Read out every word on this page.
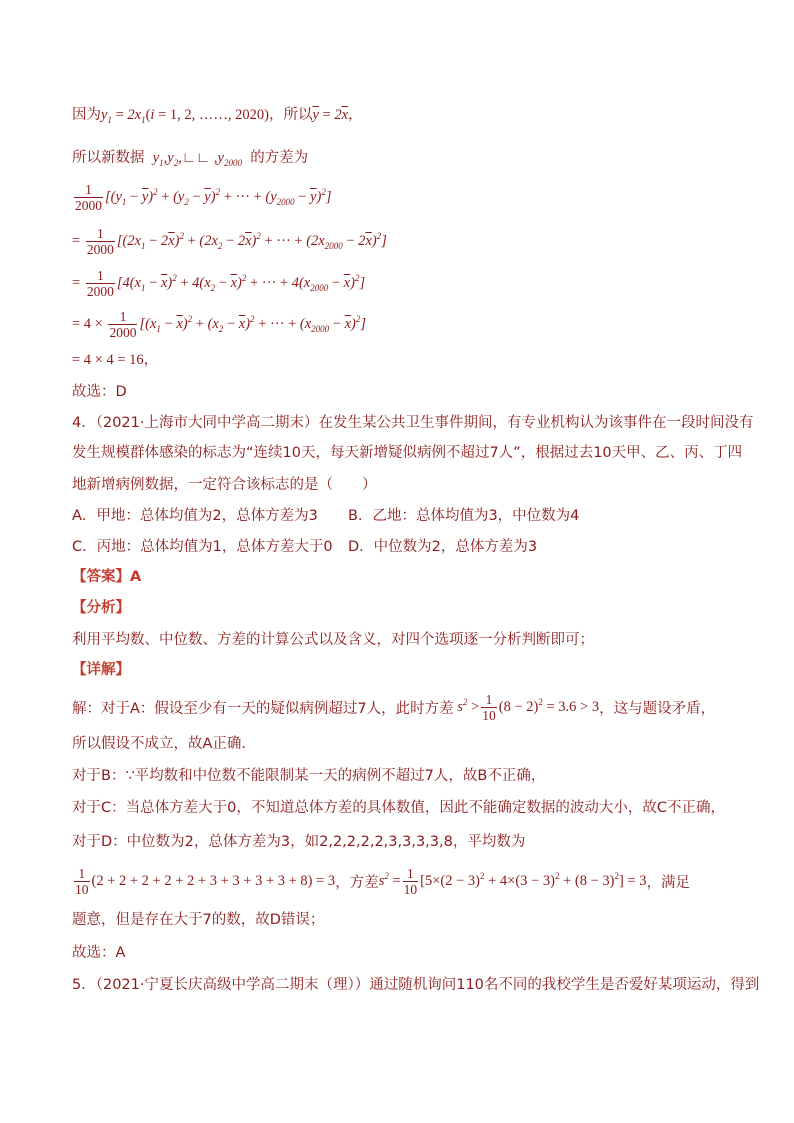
因为$y_1 = 2x_1(i = 1$, 2, ……, 2020)，所以$\overline{y} = 2\overline{x}$，
所以新数据  $y_1,y_2,∟∟$ $,y_{2000}$ 的方差为
$\frac{1}{2000} [(y_1 - \overline{y})^2 + (y_2 - \overline{y})^2$ + ··· + $(y_{2000} - \overline{y})^2$]
= $\frac{1}{2000} [(2x_1 - 2\overline{x})^2 + (2x_2 - 2\overline{x})^2$ + ··· + $(2x_{2000} - 2\overline{x})^2$]
= $\frac{1}{2000} [4(x_1 - \overline{x})^2 + 4(x_2 - \overline{x})^2$ + ··· + $4(x_{2000} - \overline{x})^2$]
= $4 \times \frac{1}{2000} [(x_1 - \overline{x})^2 + (x_2 - \overline{x})^2$ + ··· + $(x_{2000} - \overline{x})^2$]
= 4 × 4 = 16，
故选：D
4．（2021·上海市大同中学高二期末）在发生某公共卫生事件期间，有专业机构认为该事件在一段时间没有
发生规模群体感染的标志为“连续10天，每天新增疑似病例不超过7人”，根据过去10天甲、乙、丙、丁四
地新增病例数据，一定符合该标志的是（　　）
A．甲地：总体均值为2，总体方差为3 B．乙地：总体均值为3，中位数为4
C．丙地：总体均值为1，总体方差大于0 D．中位数为2，总体方差为3
【答案】A
【分析】
利用平均数、中位数、方差的计算公式以及含义，对四个选项逐一分析判断即可；
【详解】
解：对于A：假设至少有一天的疑似病例超过7人，此时方差 $s^2 > \frac{1}{10} (8 - 2)^2 = 3.6 > 3$ ，这与题设矛盾，
所以假设不成立，故A正确．
对于B：∵平均数和中位数不能限制某一天的病例不超过7人，故B不正确，
对于C：当总体方差大于0，不知道总体方差的具体数值，因此不能确定数据的波动大小，故C不正确，
对于D：中位数为2，总体方差为3，如2,2,2,2,2,3,3,3,3,8，平均数为
$\frac{1}{10} (2 + 2 + 2 + 2 + 2 + 3 + 3 + 3 + 3 + 8) = 3$ ，方差 $s^2 = \frac{1}{10} [5\times(2 - 3)^2 + 4\times(3 - 3)^2 + (8 - 3)^2] = 3$ ，满足
题意，但是存在大于7的数，故D错误；
故选：A
5．（2021·宁夏长庆高级中学高二期末（理））通过随机询问110名不同的我校学生是否爱好某项运动，得到
